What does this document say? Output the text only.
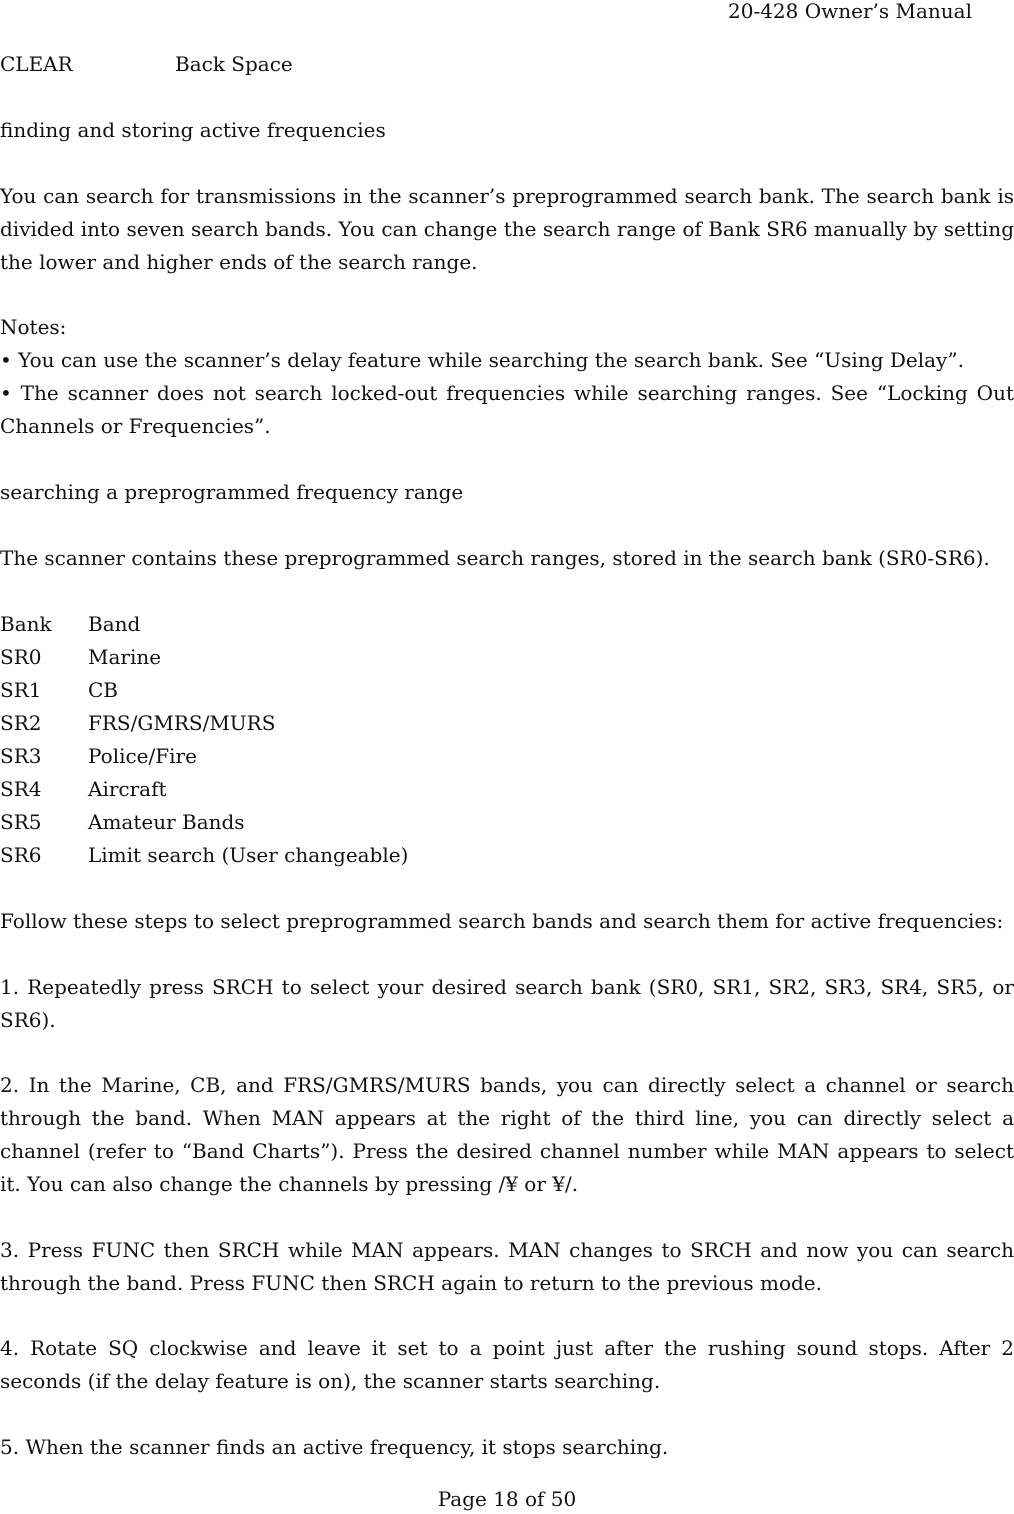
20-428 Owner’s Manual
CLEAR	Back Space
finding and storing active frequencies
You can search for transmissions in the scanner’s preprogrammed search bank. The search bank is divided into seven search bands. You can change the search range of Bank SR6 manually by setting the lower and higher ends of the search range.
Notes:
• You can use the scanner’s delay feature while searching the search bank. See “Using Delay”.
• The scanner does not search locked-out frequencies while searching ranges. See “Locking Out Channels or Frequencies”.
searching a preprogrammed frequency range
The scanner contains these preprogrammed search ranges, stored in the search bank (SR0-SR6).
Bank Band
SR0 Marine
SR1 CB
SR2 FRS/GMRS/MURS
SR3 Police/Fire
SR4 Aircraft
SR5 Amateur Bands
SR6 Limit search (User changeable)
Follow these steps to select preprogrammed search bands and search them for active frequencies:
1. Repeatedly press SRCH to select your desired search bank (SR0, SR1, SR2, SR3, SR4, SR5, or SR6).
2. In the Marine, CB, and FRS/GMRS/MURS bands, you can directly select a channel or search through the band. When MAN appears at the right of the third line, you can directly select a channel (refer to “Band Charts”). Press the desired channel number while MAN appears to select it. You can also change the channels by pressing /¥ or ¥/.
3. Press FUNC then SRCH while MAN appears. MAN changes to SRCH and now you can search through the band. Press FUNC then SRCH again to return to the previous mode.
4. Rotate SQ clockwise and leave it set to a point just after the rushing sound stops. After 2 seconds (if the delay feature is on), the scanner starts searching.
5. When the scanner finds an active frequency, it stops searching.
Page 18 of 50
